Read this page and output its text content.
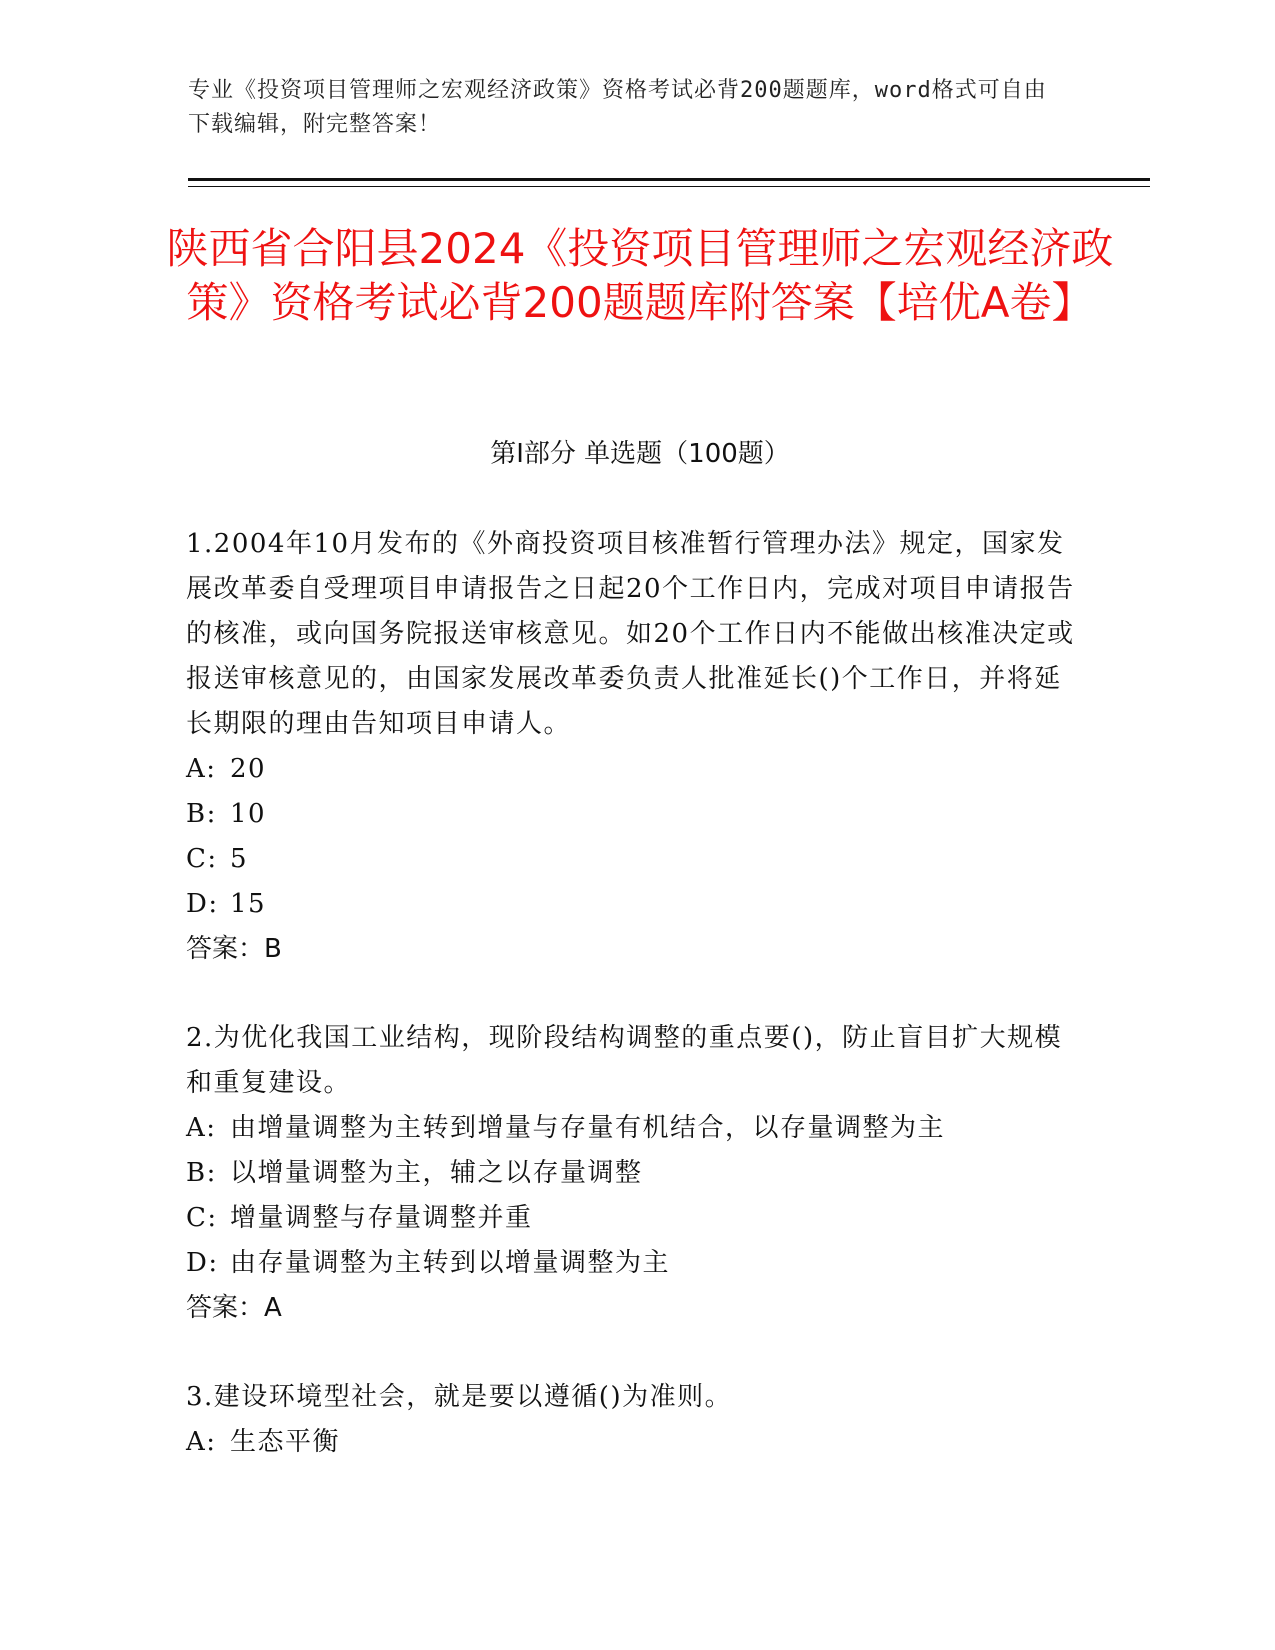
专业《投资项目管理师之宏观经济政策》资格考试必背200题题库，word格式可自由下载编辑，附完整答案！
陕西省合阳县2024《投资项目管理师之宏观经济政策》资格考试必背200题题库附答案【培优A卷】
第Ⅰ部分 单选题（100题）

1.2004年10月发布的《外商投资项目核准暂行管理办法》规定，国家发展改革委自受理项目申请报告之日起20个工作日内，完成对项目申请报告的核准，或向国务院报送审核意见。如20个工作日内不能做出核准决定或报送审核意见的，由国家发展改革委负责人批准延长()个工作日，并将延长期限的理由告知项目申请人。

A: 20

B: 10

C: 5

D: 15

答案：B

2.为优化我国工业结构，现阶段结构调整的重点要()，防止盲目扩大规模和重复建设。

A: 由增量调整为主转到增量与存量有机结合，以存量调整为主

B: 以增量调整为主，辅之以存量调整

C: 增量调整与存量调整并重

D: 由存量调整为主转到以增量调整为主

答案：A

3.建设环境型社会，就是要以遵循()为准则。

A: 生态平衡
